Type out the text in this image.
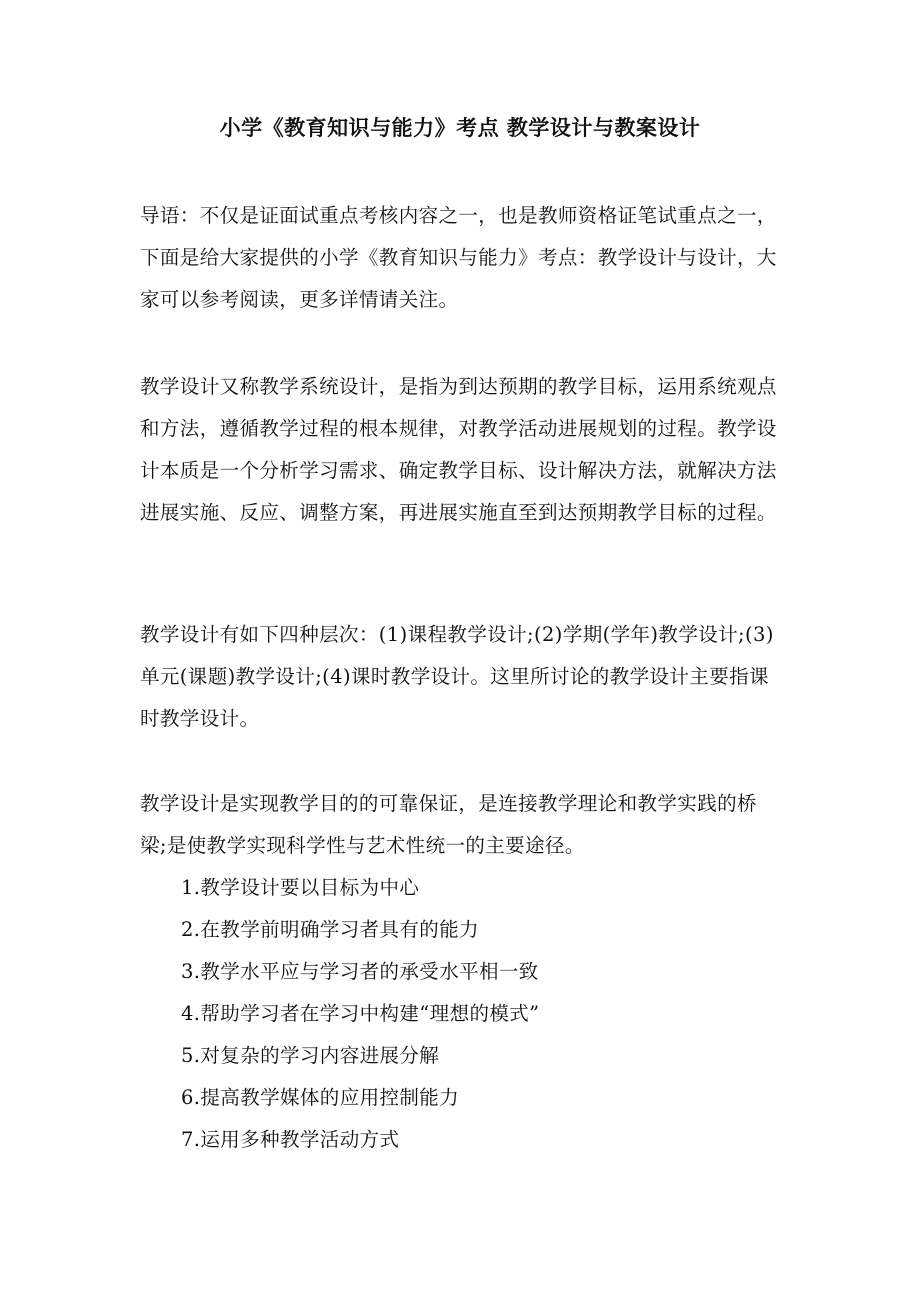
小学《教育知识与能力》考点 教学设计与教案设计

导语：不仅是证面试重点考核内容之一，也是教师资格证笔试重点之一，下面是给大家提供的小学《教育知识与能力》考点：教学设计与设计，大家可以参考阅读，更多详情请关注。

教学设计又称教学系统设计，是指为到达预期的教学目标，运用系统观点和方法，遵循教学过程的根本规律，对教学活动进展规划的过程。教学设计本质是一个分析学习需求、确定教学目标、设计解决方法，就解决方法进展实施、反应、调整方案，再进展实施直至到达预期教学目标的过程。

教学设计有如下四种层次：(1)课程教学设计;(2)学期(学年)教学设计;(3)单元(课题)教学设计;(4)课时教学设计。这里所讨论的教学设计主要指课时教学设计。

教学设计是实现教学目的的可靠保证，是连接教学理论和教学实践的桥梁;是使教学实现科学性与艺术性统一的主要途径。

1.教学设计要以目标为中心
2.在教学前明确学习者具有的能力
3.教学水平应与学习者的承受水平相一致
4.帮助学习者在学习中构建“理想的模式”
5.对复杂的学习内容进展分解
6.提高教学媒体的应用控制能力
7.运用多种教学活动方式
